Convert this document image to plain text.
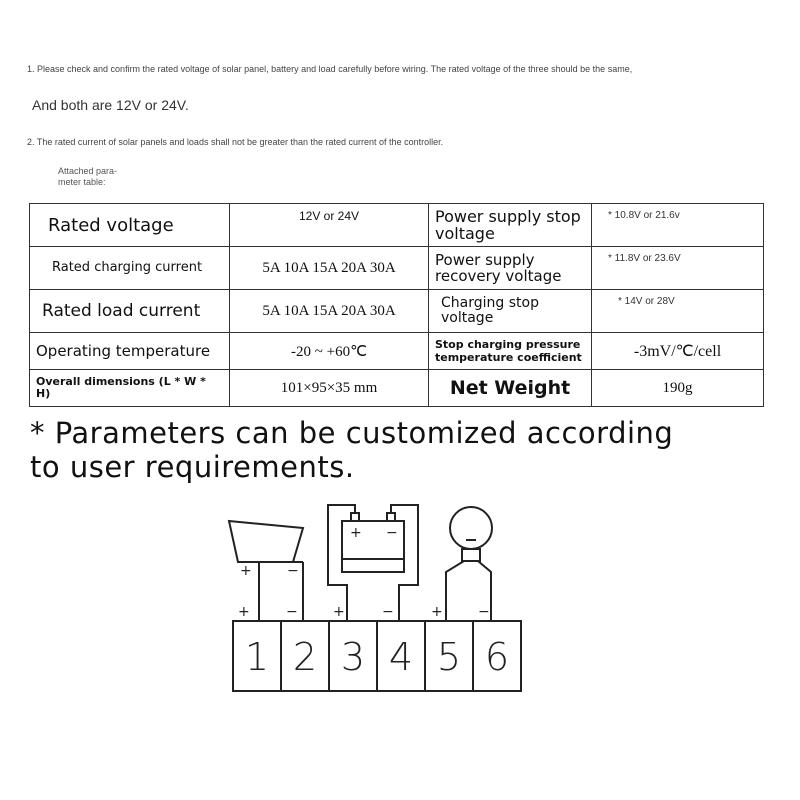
1. Please check and confirm the rated voltage of solar panel, battery and load carefully before wiring. The rated voltage of the three should be the same,
And both are 12V or 24V.
2. The rated current of solar panels and loads shall not be greater than the rated current of the controller.
Attached para-
meter table:
Rated voltage	12V or 24V	Power supply stop voltage	* 10.8V or 21.6v
Rated charging current	5A 10A 15A 20A 30A	Power supply recovery voltage	* 11.8V or 23.6V
Rated load current	5A 10A 15A 20A 30A	Charging stop voltage	* 14V or 28V
Operating temperature	-20 ~ +60℃	Stop charging pressure temperature coefficient	-3mV/℃/cell
Overall dimensions (L * W * H)	101×95×35 mm	Net Weight	190g
* Parameters can be customized according
to user requirements.
+	−
+ −
+	−	+	−	+	−
1 2 3 4 5 6
